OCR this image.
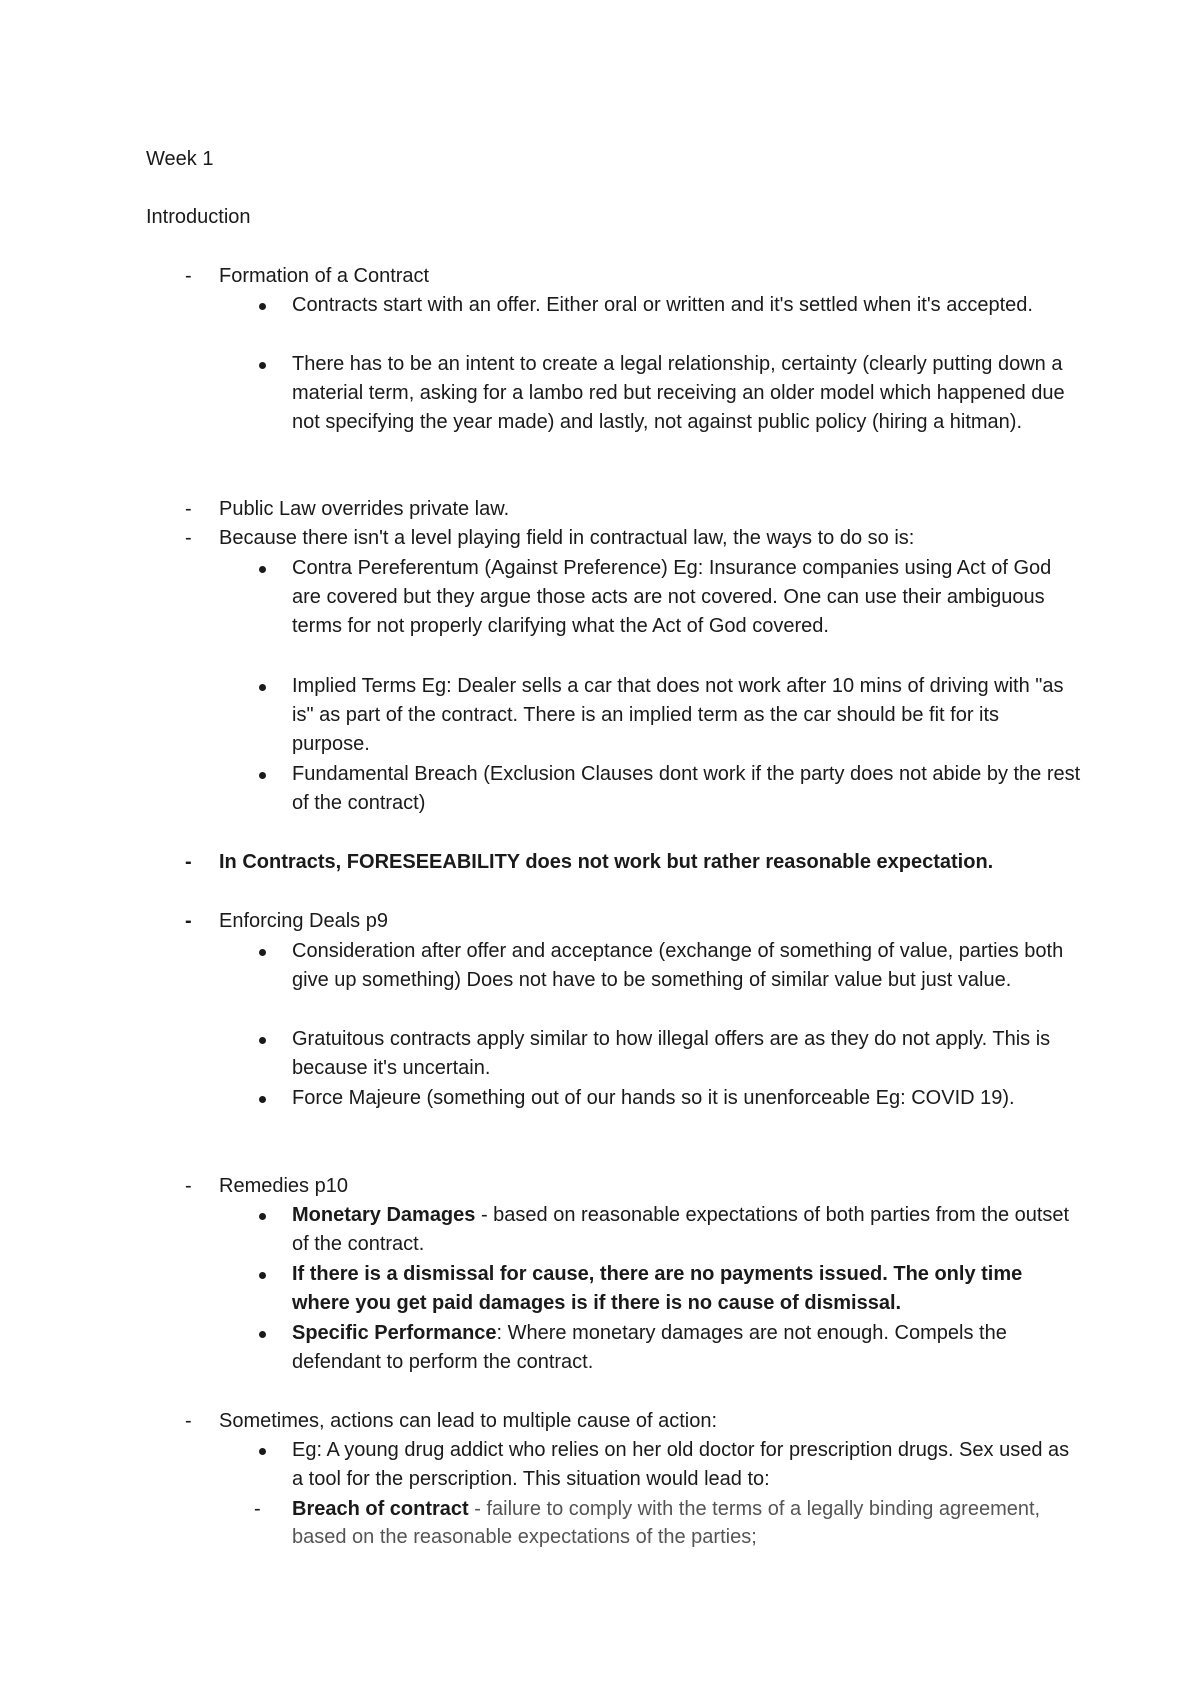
Week 1
Introduction
- Formation of a Contract
Contracts start with an offer. Either oral or written and it's settled when it's accepted.
There has to be an intent to create a legal relationship, certainty (clearly putting down a material term, asking for a lambo red but receiving an older model which happened due not specifying the year made) and lastly, not against public policy (hiring a hitman).
- Public Law overrides private law.
- Because there isn't a level playing field in contractual law, the ways to do so is:
Contra Pereferentum (Against Preference) Eg: Insurance companies using Act of God are covered but they argue those acts are not covered. One can use their ambiguous terms for not properly clarifying what the Act of God covered.
Implied Terms Eg: Dealer sells a car that does not work after 10 mins of driving with "as is" as part of the contract. There is an implied term as the car should be fit for its purpose.
Fundamental Breach (Exclusion Clauses dont work if the party does not abide by the rest of the contract)
- In Contracts, FORESEEABILITY does not work but rather reasonable expectation.
- Enforcing Deals p9
Consideration after offer and acceptance (exchange of something of value, parties both give up something) Does not have to be something of similar value but just value.
Gratuitous contracts apply similar to how illegal offers are as they do not apply. This is because it's uncertain.
Force Majeure (something out of our hands so it is unenforceable Eg: COVID 19).
- Remedies p10
Monetary Damages - based on reasonable expectations of both parties from the outset of the contract.
If there is a dismissal for cause, there are no payments issued. The only time where you get paid damages is if there is no cause of dismissal.
Specific Performance: Where monetary damages are not enough. Compels the defendant to perform the contract.
- Sometimes, actions can lead to multiple cause of action:
Eg: A young drug addict who relies on her old doctor for prescription drugs. Sex used as a tool for the perscription. This situation would lead to:
- Breach of contract - failure to comply with the terms of a legally binding agreement, based on the reasonable expectations of the parties;
